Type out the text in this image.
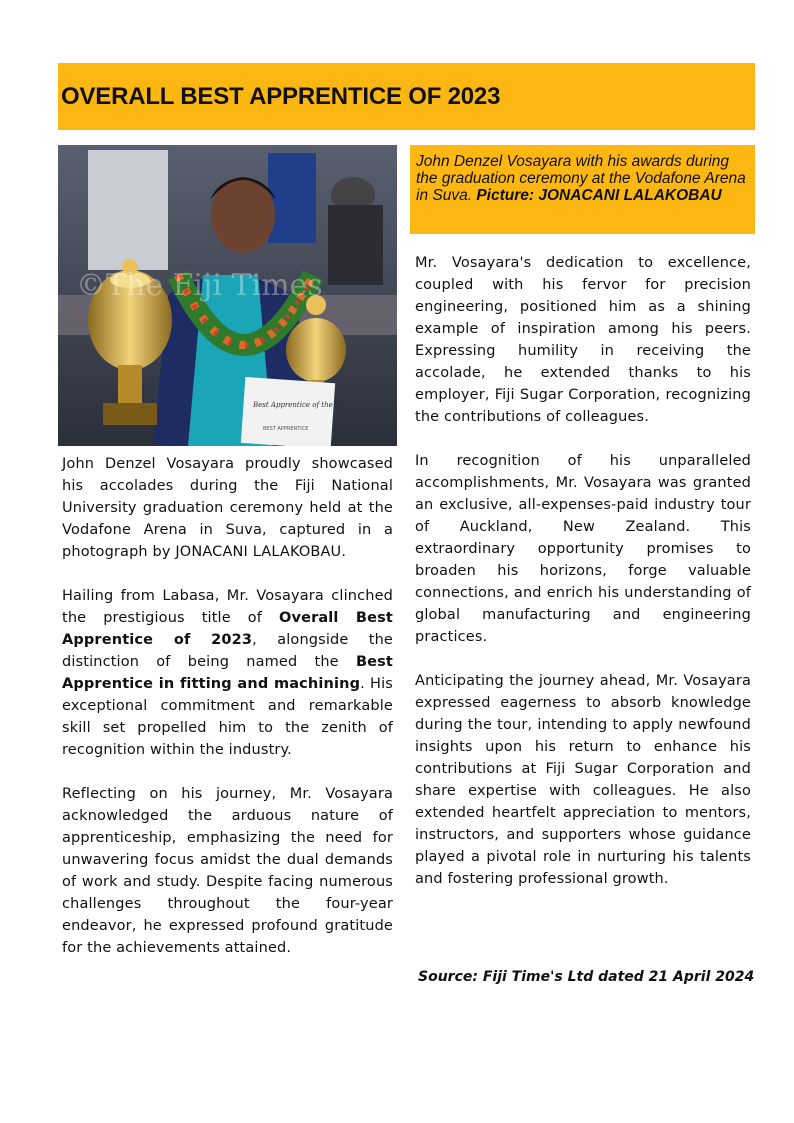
OVERALL BEST APPRENTICE OF 2023
Best Apprentice of the Year
BEST APPRENTICE
©The Fiji Times
John Denzel Vosayara with his awards during the graduation ceremony at the Vodafone Arena in Suva. Picture: JONACANI LALAKOBAU

John Denzel Vosayara proudly showcased his accolades during the Fiji National University graduation ceremony held at the Vodafone Arena in Suva, captured in a photograph by JONACANI LALAKOBAU.

Hailing from Labasa, Mr. Vosayara clinched the prestigious title of Overall Best Apprentice of 2023, alongside the distinction of being named the Best Apprentice in fitting and machining. His exceptional commitment and remarkable skill set propelled him to the zenith of recognition within the industry.

Reflecting on his journey, Mr. Vosayara acknowledged the arduous nature of apprenticeship, emphasizing the need for unwavering focus amidst the dual demands of work and study. Despite facing numerous challenges throughout the four-year endeavor, he expressed profound gratitude for the achievements attained.

Mr. Vosayara's dedication to excellence, coupled with his fervor for precision engineering, positioned him as a shining example of inspiration among his peers. Expressing humility in receiving the accolade, he extended thanks to his employer, Fiji Sugar Corporation, recognizing the contributions of colleagues.

In recognition of his unparalleled accomplishments, Mr. Vosayara was granted an exclusive, all-expenses-paid industry tour of Auckland, New Zealand. This extraordinary opportunity promises to broaden his horizons, forge valuable connections, and enrich his understanding of global manufacturing and engineering practices.

Anticipating the journey ahead, Mr. Vosayara expressed eagerness to absorb knowledge during the tour, intending to apply newfound insights upon his return to enhance his contributions at Fiji Sugar Corporation and share expertise with colleagues. He also extended heartfelt appreciation to mentors, instructors, and supporters whose guidance played a pivotal role in nurturing his talents and fostering professional growth.

Source: Fiji Time's Ltd dated 21 April 2024
